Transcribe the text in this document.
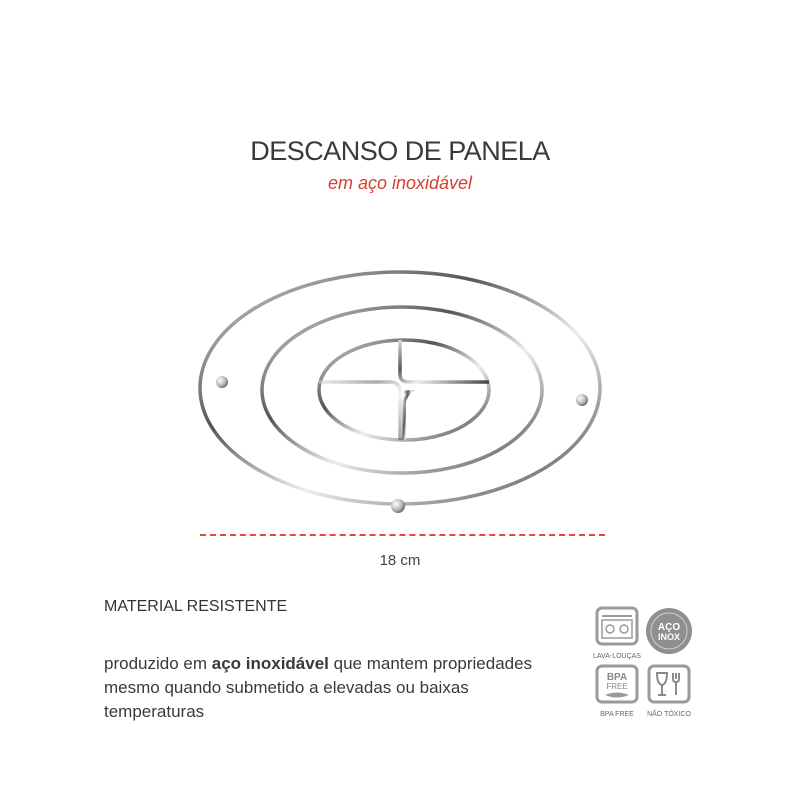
DESCANSO DE PANELA
em aço inoxidável
18 cm
MATERIAL RESISTENTE
produzido em aço inoxidável que mantem propriedades mesmo quando submetido a elevadas ou baixas temperaturas
LAVA-LOUÇAS
AÇO
INOX
BPA
FREE
BPA FREE	NÃO TÓXICO
